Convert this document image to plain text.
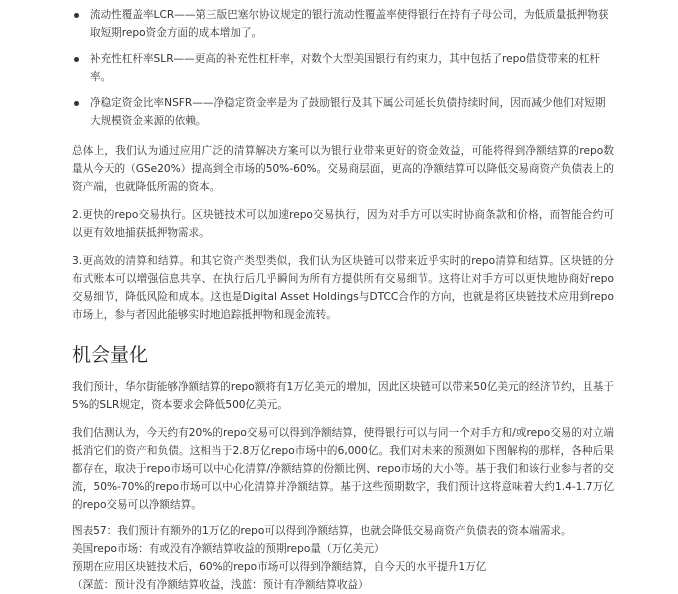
流动性覆盖率LCR——第三版巴塞尔协议规定的银行流动性覆盖率使得银行在持有子母公司，为低质量抵押物获取短期repo资金方面的成本增加了。
补充性杠杆率SLR——更高的补充性杠杆率，对数个大型美国银行有约束力，其中包括了repo借贷带来的杠杆率。
净稳定资金比率NSFR——净稳定资金率是为了鼓励银行及其下属公司延长负债持续时间，因而减少他们对短期大规模资金来源的依赖。

总体上，我们认为通过应用广泛的清算解决方案可以为银行业带来更好的资金效益，可能将得到净额结算的repo数量从今天的（GSe20%）提高到全市场的50%-60%。交易商层面，更高的净额结算可以降低交易商资产负债表上的资产端，也就降低所需的资本。

2.更快的repo交易执行。区块链技术可以加速repo交易执行，因为对手方可以实时协商条款和价格，而智能合约可以更有效地捕获抵押物需求。

3.更高效的清算和结算。和其它资产类型类似，我们认为区块链可以带来近乎实时的repo清算和结算。区块链的分布式账本可以增强信息共享、在执行后几乎瞬间为所有方提供所有交易细节。这将让对手方可以更快地协商好repo交易细节，降低风险和成本。这也是Digital Asset Holdings与DTCC合作的方向，也就是将区块链技术应用到repo市场上，参与者因此能够实时地追踪抵押物和现金流转。

机会量化

我们预计，华尔街能够净额结算的repo额将有1万亿美元的增加，因此区块链可以带来50亿美元的经济节约，且基于5%的SLR规定，资本要求会降低500亿美元。

我们估测认为，今天约有20%的repo交易可以得到净额结算，使得银行可以与同一个对手方和/或repo交易的对立端抵消它们的资产和负债。这相当于2.8万亿repo市场中的6,000亿。我们对未来的预测如下图解构的那样，各种后果都存在，取决于repo市场可以中心化清算/净额结算的份额比例、repo市场的大小等。基于我们和该行业参与者的交流，50%-70%的repo市场可以中心化清算并净额结算。基于这些预期数字，我们预计这将意味着大约1.4-1.7万亿的repo交易可以净额结算。

图表57：我们预计有额外的1万亿的repo可以得到净额结算，也就会降低交易商资产负债表的资本端需求。
美国repo市场：有或没有净额结算收益的预期repo量（万亿美元）
预期在应用区块链技术后，60%的repo市场可以得到净额结算，自今天的水平提升1万亿
（深蓝：预计没有净额结算收益，浅蓝：预计有净额结算收益）
